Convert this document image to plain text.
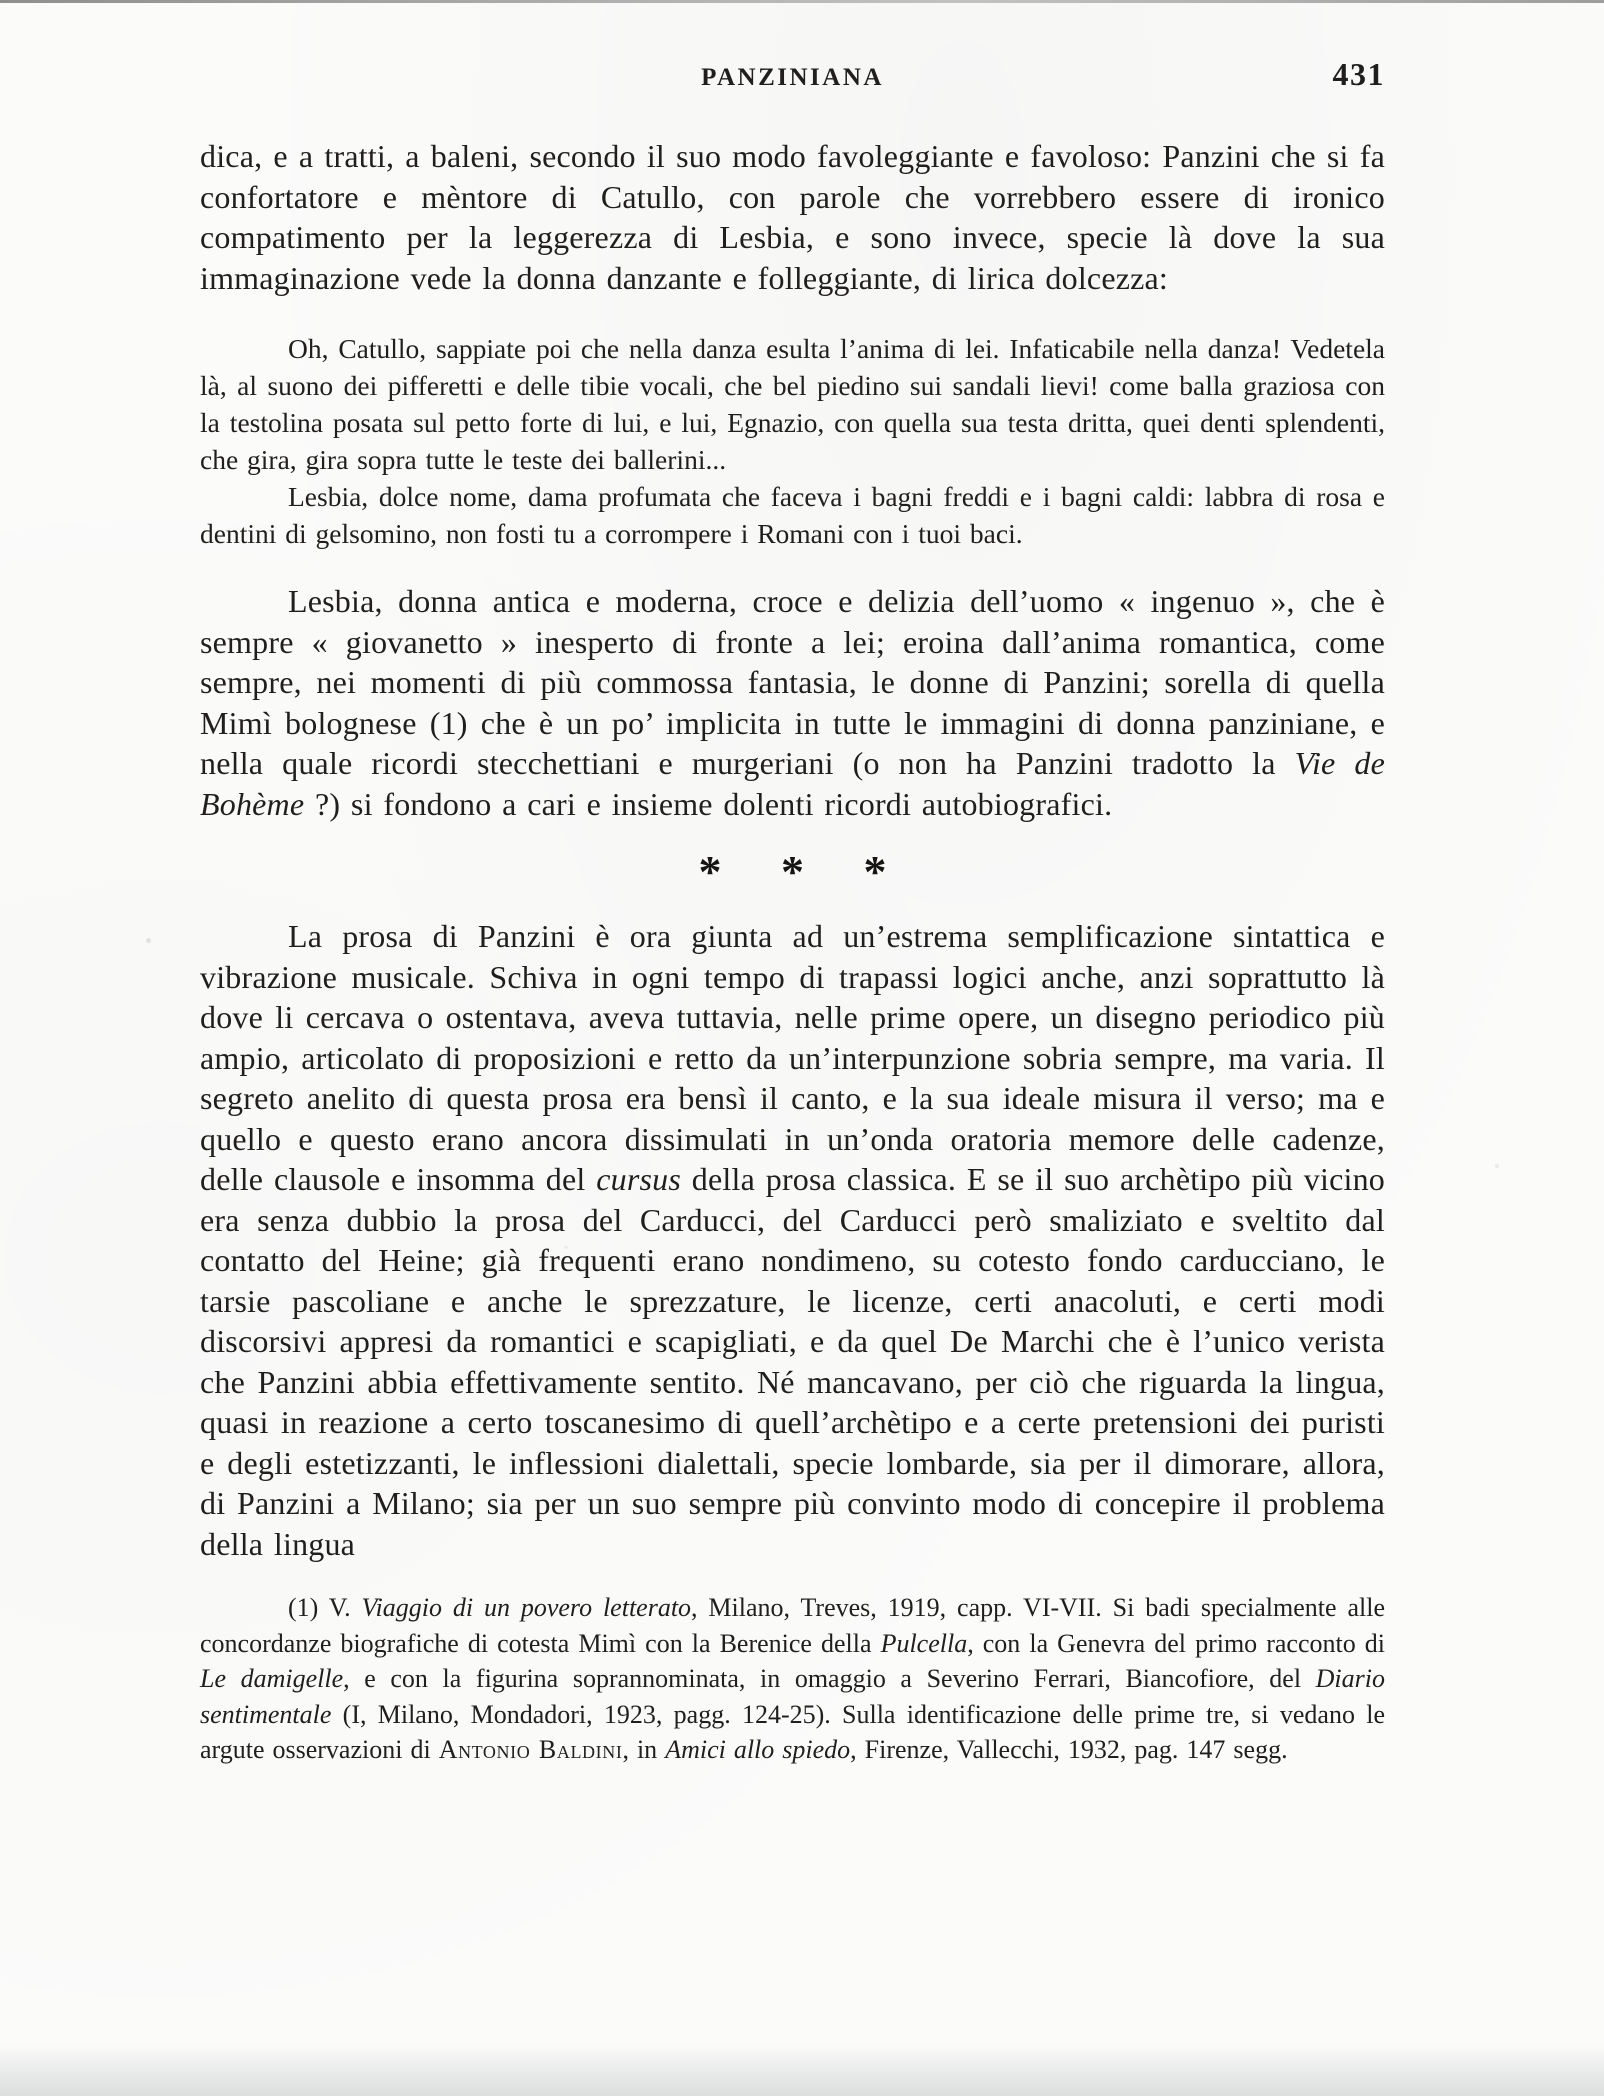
PANZINIANA	431

dica, e a tratti, a baleni, secondo il suo modo favoleggiante e favoloso: Panzini che si fa confortatore e mèntore di Catullo, con parole che vorrebbero essere di ironico compatimento per la leggerezza di Lesbia, e sono invece, specie là dove la sua immaginazione vede la donna danzante e folleggiante, di lirica dolcezza:

Oh, Catullo, sappiate poi che nella danza esulta l’anima di lei. Infaticabile nella danza! Vedetela là, al suono dei pifferetti e delle tibie vocali, che bel piedino sui sandali lievi! come balla graziosa con la testolina posata sul petto forte di lui, e lui, Egnazio, con quella sua testa dritta, quei denti splendenti, che gira, gira sopra tutte le teste dei ballerini...

Lesbia, dolce nome, dama profumata che faceva i bagni freddi e i bagni caldi: labbra di rosa e dentini di gelsomino, non fosti tu a corrompere i Romani con i tuoi baci.

Lesbia, donna antica e moderna, croce e delizia dell’uomo « ingenuo », che è sempre « giovanetto » inesperto di fronte a lei; eroina dall’anima romantica, come sempre, nei momenti di più commossa fantasia, le donne di Panzini; sorella di quella Mimì bolognese (1) che è un po’ implicita in tutte le immagini di donna panziniane, e nella quale ricordi stecchettiani e murgeriani (o non ha Panzini tradotto la Vie de Bohème ?) si fondono a cari e insieme dolenti ricordi autobiografici.

* * *

La prosa di Panzini è ora giunta ad un’estrema semplificazione sintattica e vibrazione musicale. Schiva in ogni tempo di trapassi logici anche, anzi soprattutto là dove li cercava o ostentava, aveva tuttavia, nelle prime opere, un disegno periodico più ampio, articolato di proposizioni e retto da un’interpunzione sobria sempre, ma varia. Il segreto anelito di questa prosa era bensì il canto, e la sua ideale misura il verso; ma e quello e questo erano ancora dissimulati in un’onda oratoria memore delle cadenze, delle clausole e insomma del cursus della prosa classica. E se il suo archètipo più vicino era senza dubbio la prosa del Carducci, del Carducci però smaliziato e sveltito dal contatto del Heine; già frequenti erano nondimeno, su cotesto fondo carducciano, le tarsie pascoliane e anche le sprezzature, le licenze, certi anacoluti, e certi modi discorsivi appresi da romantici e scapigliati, e da quel De Marchi che è l’unico verista che Panzini abbia effettivamente sentito. Né mancavano, per ciò che riguarda la lingua, quasi in reazione a certo toscanesimo di quell’archètipo e a certe pretensioni dei puristi e degli estetizzanti, le inflessioni dialettali, specie lombarde, sia per il dimorare, allora, di Panzini a Milano; sia per un suo sempre più convinto modo di concepire il problema della lingua

(1) V. Viaggio di un povero letterato, Milano, Treves, 1919, capp. VI-VII. Si badi specialmente alle concordanze biografiche di cotesta Mimì con la Berenice della Pulcella, con la Genevra del primo racconto di Le damigelle, e con la figurina soprannominata, in omaggio a Severino Ferrari, Biancofiore, del Diario sentimentale (I, Milano, Mondadori, 1923, pagg. 124-25). Sulla identificazione delle prime tre, si vedano le argute osservazioni di Antonio Baldini, in Amici allo spiedo, Firenze, Vallecchi, 1932, pag. 147 segg.
